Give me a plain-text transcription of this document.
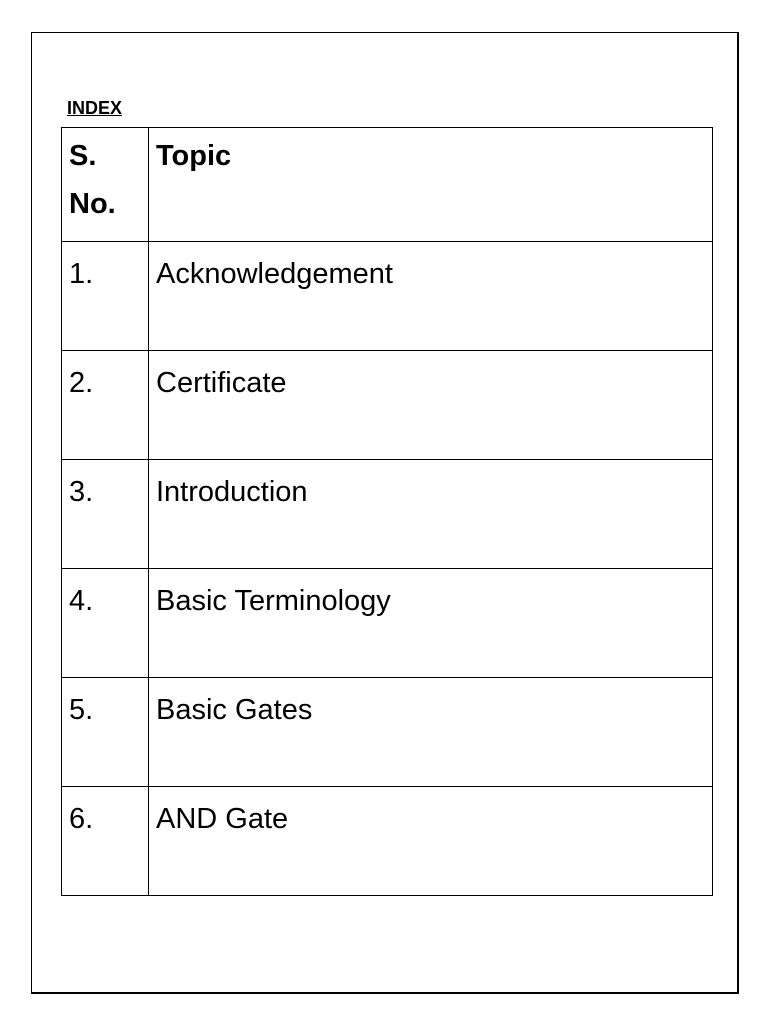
INDEX
S.
No.	Topic
1.	Acknowledgement
2.	Certificate
3.	Introduction
4.	Basic Terminology
5.	Basic Gates
6.	AND Gate
